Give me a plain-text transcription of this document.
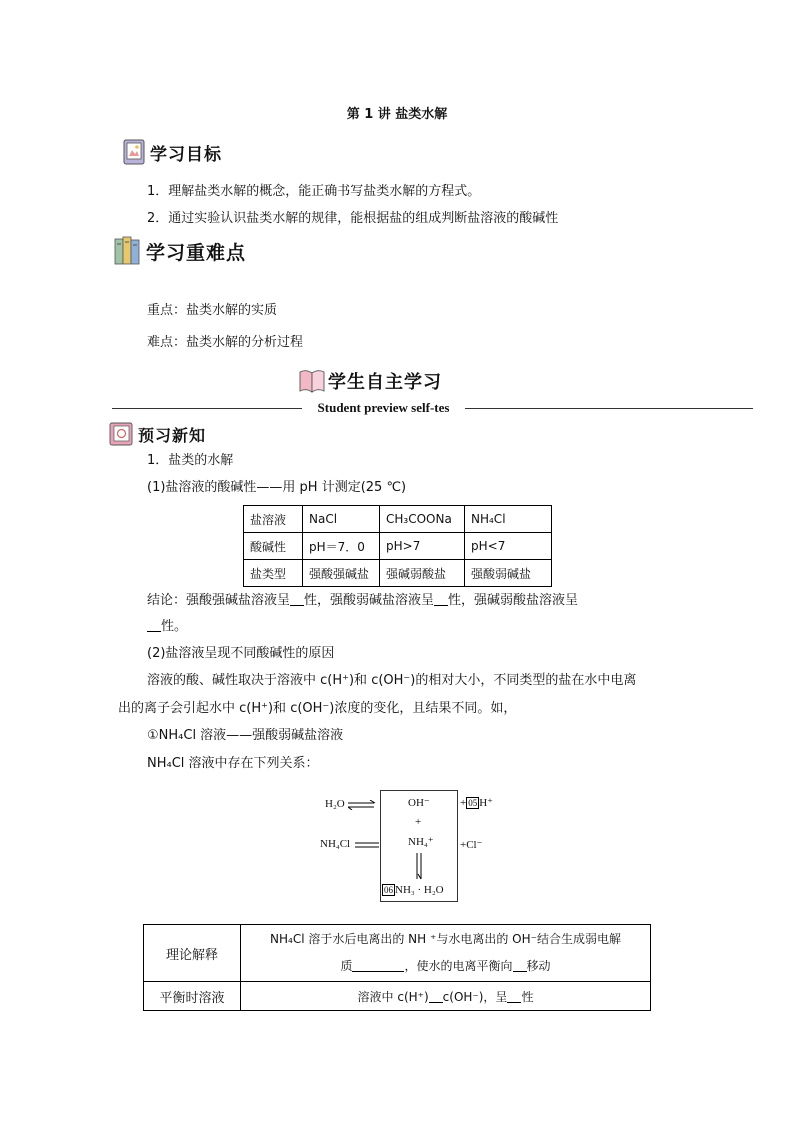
第 1 讲 盐类水解
学习目标
1．理解盐类水解的概念，能正确书写盐类水解的方程式。
2．通过实验认识盐类水解的规律，能根据盐的组成判断盐溶液的酸碱性
学习重难点
重点：盐类水解的实质
难点：盐类水解的分析过程
学生自主学习
Student preview self-tes
预习新知
1．盐类的水解
(1)盐溶液的酸碱性——用 pH 计测定(25 ℃)
盐溶液	NaCl	CH₃COONa	NH₄Cl
酸碱性	pH＝7．0	pH>7	pH<7
盐类型	强酸强碱盐	强碱弱酸盐	强酸弱碱盐
结论：强酸强碱盐溶液呈 性，强酸弱碱盐溶液呈 性，强碱弱酸盐溶液呈
性。
(2)盐溶液呈现不同酸碱性的原因
溶液的酸、碱性取决于溶液中 c(H⁺)和 c(OH⁻)的相对大小，不同类型的盐在水中电离
出的离子会引起水中 c(H⁺)和 c(OH⁻)浓度的变化，且结果不同。如，
①NH₄Cl 溶液——强酸弱碱盐溶液
NH₄Cl 溶液中存在下列关系：
H₂O ⇌	OH⁻
+
NH₄⁺
NH₄Cl
+ 05 H⁺
+Cl⁻
06 NH₃ · H₂O
理论解释	NH₄Cl 溶于水后电离出的 NH ⁺与水电离出的 OH⁻结合生成弱电解
质 ，使水的电离平衡向 移动

平衡时溶液	溶液中 c(H⁺) c(OH⁻)，呈 性
